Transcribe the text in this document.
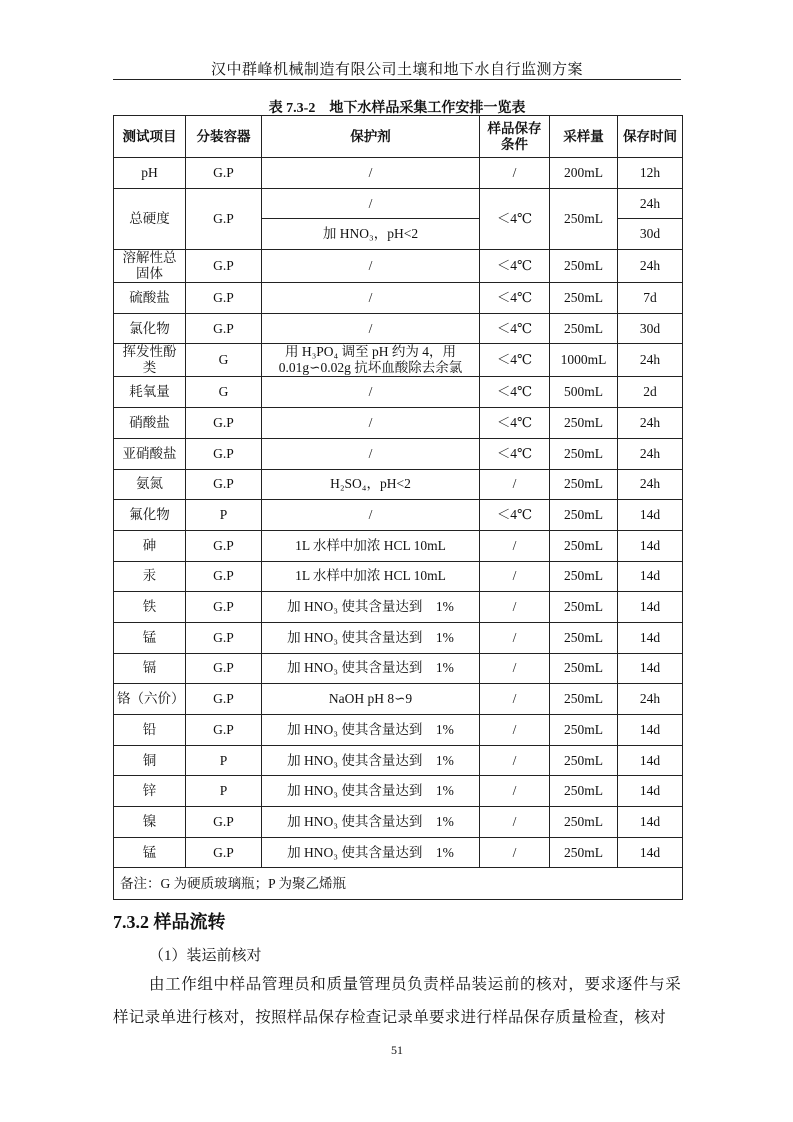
汉中群峰机械制造有限公司土壤和地下水自行监测方案
表 7.3-2　地下水样品采集工作安排一览表
测试项目	分装容器	保护剂	样品保存条件	采样量	保存时间
pH	G.P	/	/	200mL	12h
总硬度	G.P	/	＜4℃	250mL	24h
		加 HNO₃，pH<2			30d
溶解性总固体	G.P	/	＜4℃	250mL	24h
硫酸盐	G.P	/	＜4℃	250mL	7d
氯化物	G.P	/	＜4℃	250mL	30d
挥发性酚类	G	用 H₃PO₄ 调至 pH 约为 4，用 0.01g∽0.02g 抗坏血酸除去余氯	＜4℃	1000mL	24h
耗氧量	G	/	＜4℃	500mL	2d
硝酸盐	G.P	/	＜4℃	250mL	24h
亚硝酸盐	G.P	/	＜4℃	250mL	24h
氨氮	G.P	H₂SO₄，pH<2	/	250mL	24h
氟化物	P	/	＜4℃	250mL	14d
砷	G.P	1L 水样中加浓 HCL 10mL	/	250mL	14d
汞	G.P	1L 水样中加浓 HCL 10mL	/	250mL	14d
铁	G.P	加 HNO₃ 使其含量达到　1%	/	250mL	14d
锰	G.P	加 HNO₃ 使其含量达到　1%	/	250mL	14d
镉	G.P	加 HNO₃ 使其含量达到　1%	/	250mL	14d
铬（六价）	G.P	NaOH pH 8∽9	/	250mL	24h
铅	G.P	加 HNO₃ 使其含量达到　1%	/	250mL	14d
铜	P	加 HNO₃ 使其含量达到　1%	/	250mL	14d
锌	P	加 HNO₃ 使其含量达到　1%	/	250mL	14d
镍	G.P	加 HNO₃ 使其含量达到　1%	/	250mL	14d
锰	G.P	加 HNO₃ 使其含量达到　1%	/	250mL	14d
备注：G 为硬质玻璃瓶；P 为聚乙烯瓶					
7.3.2 样品流转
（1）装运前核对
由工作组中样品管理员和质量管理员负责样品装运前的核对，要求逐件与采样记录单进行核对，按照样品保存检查记录单要求进行样品保存质量检查，核对
51
